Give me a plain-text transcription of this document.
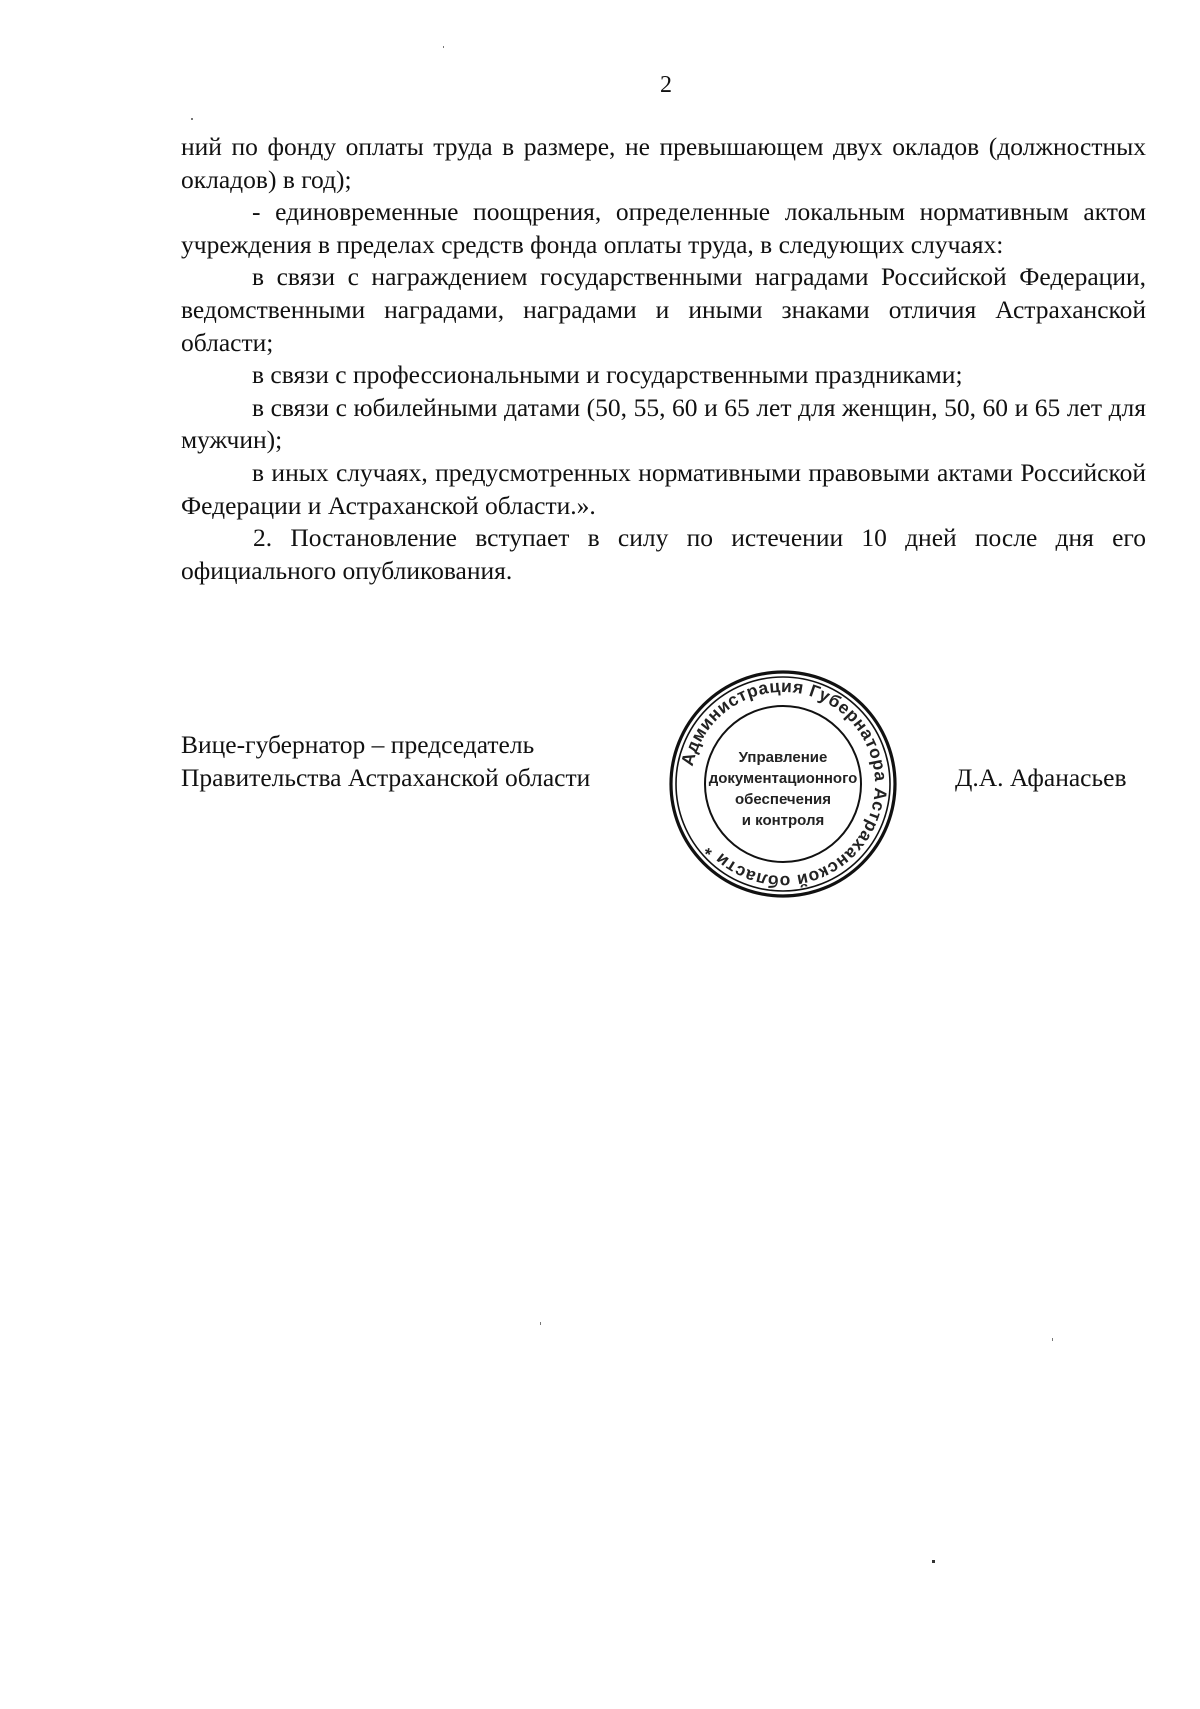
2

ний по фонду оплаты труда в размере, не превышающем двух окладов (должностных окладов) в год);

- единовременные поощрения, определенные локальным нормативным актом учреждения в пределах средств фонда оплаты труда, в следующих случаях:

в связи с награждением государственными наградами Российской Федерации, ведомственными наградами, наградами и иными знаками отличия Астраханской области;

в связи с профессиональными и государственными праздниками;

в связи с юбилейными датами (50, 55, 60 и 65 лет для женщин, 50, 60 и 65 лет для мужчин);

в иных случаях, предусмотренных нормативными правовыми актами Российской Федерации и Астраханской области.».

2. Постановление вступает в силу по истечении 10 дней после дня его официального опубликования.

Вице-губернатор – председатель
Правительства Астраханской области	Д.А. Афанасьев
Администрация Губернатора Астраханской области *
Управление
документационного
обеспечения
и контроля
